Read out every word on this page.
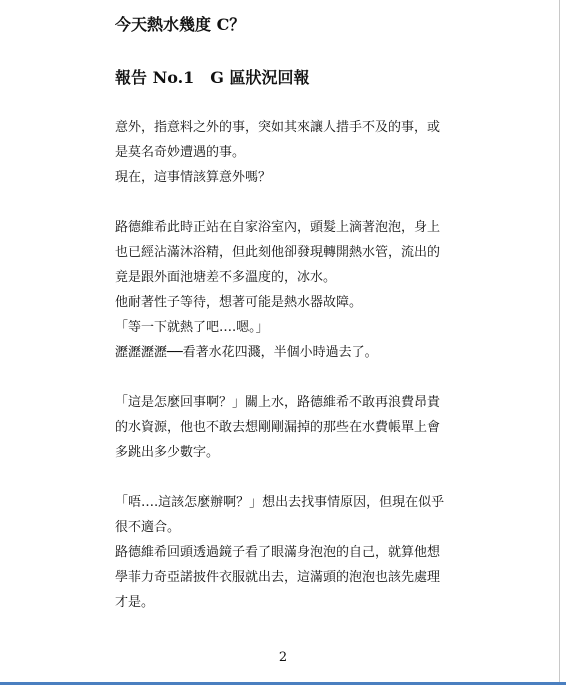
今天熱水幾度 C？
報告 No.1　G 區狀況回報

意外，指意料之外的事，突如其來讓人措手不及的事，或

是莫名奇妙遭遇的事。

現在，這事情該算意外嗎？

路德維希此時正站在自家浴室內，頭髮上滴著泡泡，身上

也已經沾滿沐浴精，但此刻他卻發現轉開熱水管，流出的

竟是跟外面池塘差不多溫度的，冰水。

他耐著性子等待，想著可能是熱水器故障。

「等一下就熱了吧….嗯。」

瀝瀝瀝瀝──看著水花四濺，半個小時過去了。

「這是怎麼回事啊？」關上水，路德維希不敢再浪費昂貴

的水資源，他也不敢去想剛剛漏掉的那些在水費帳單上會

多跳出多少數字。

「唔….這該怎麼辦啊？」想出去找事情原因，但現在似乎

很不適合。

路德維希回頭透過鏡子看了眼滿身泡泡的自己，就算他想

學菲力奇亞諾披件衣服就出去，這滿頭的泡泡也該先處理

才是。

2
